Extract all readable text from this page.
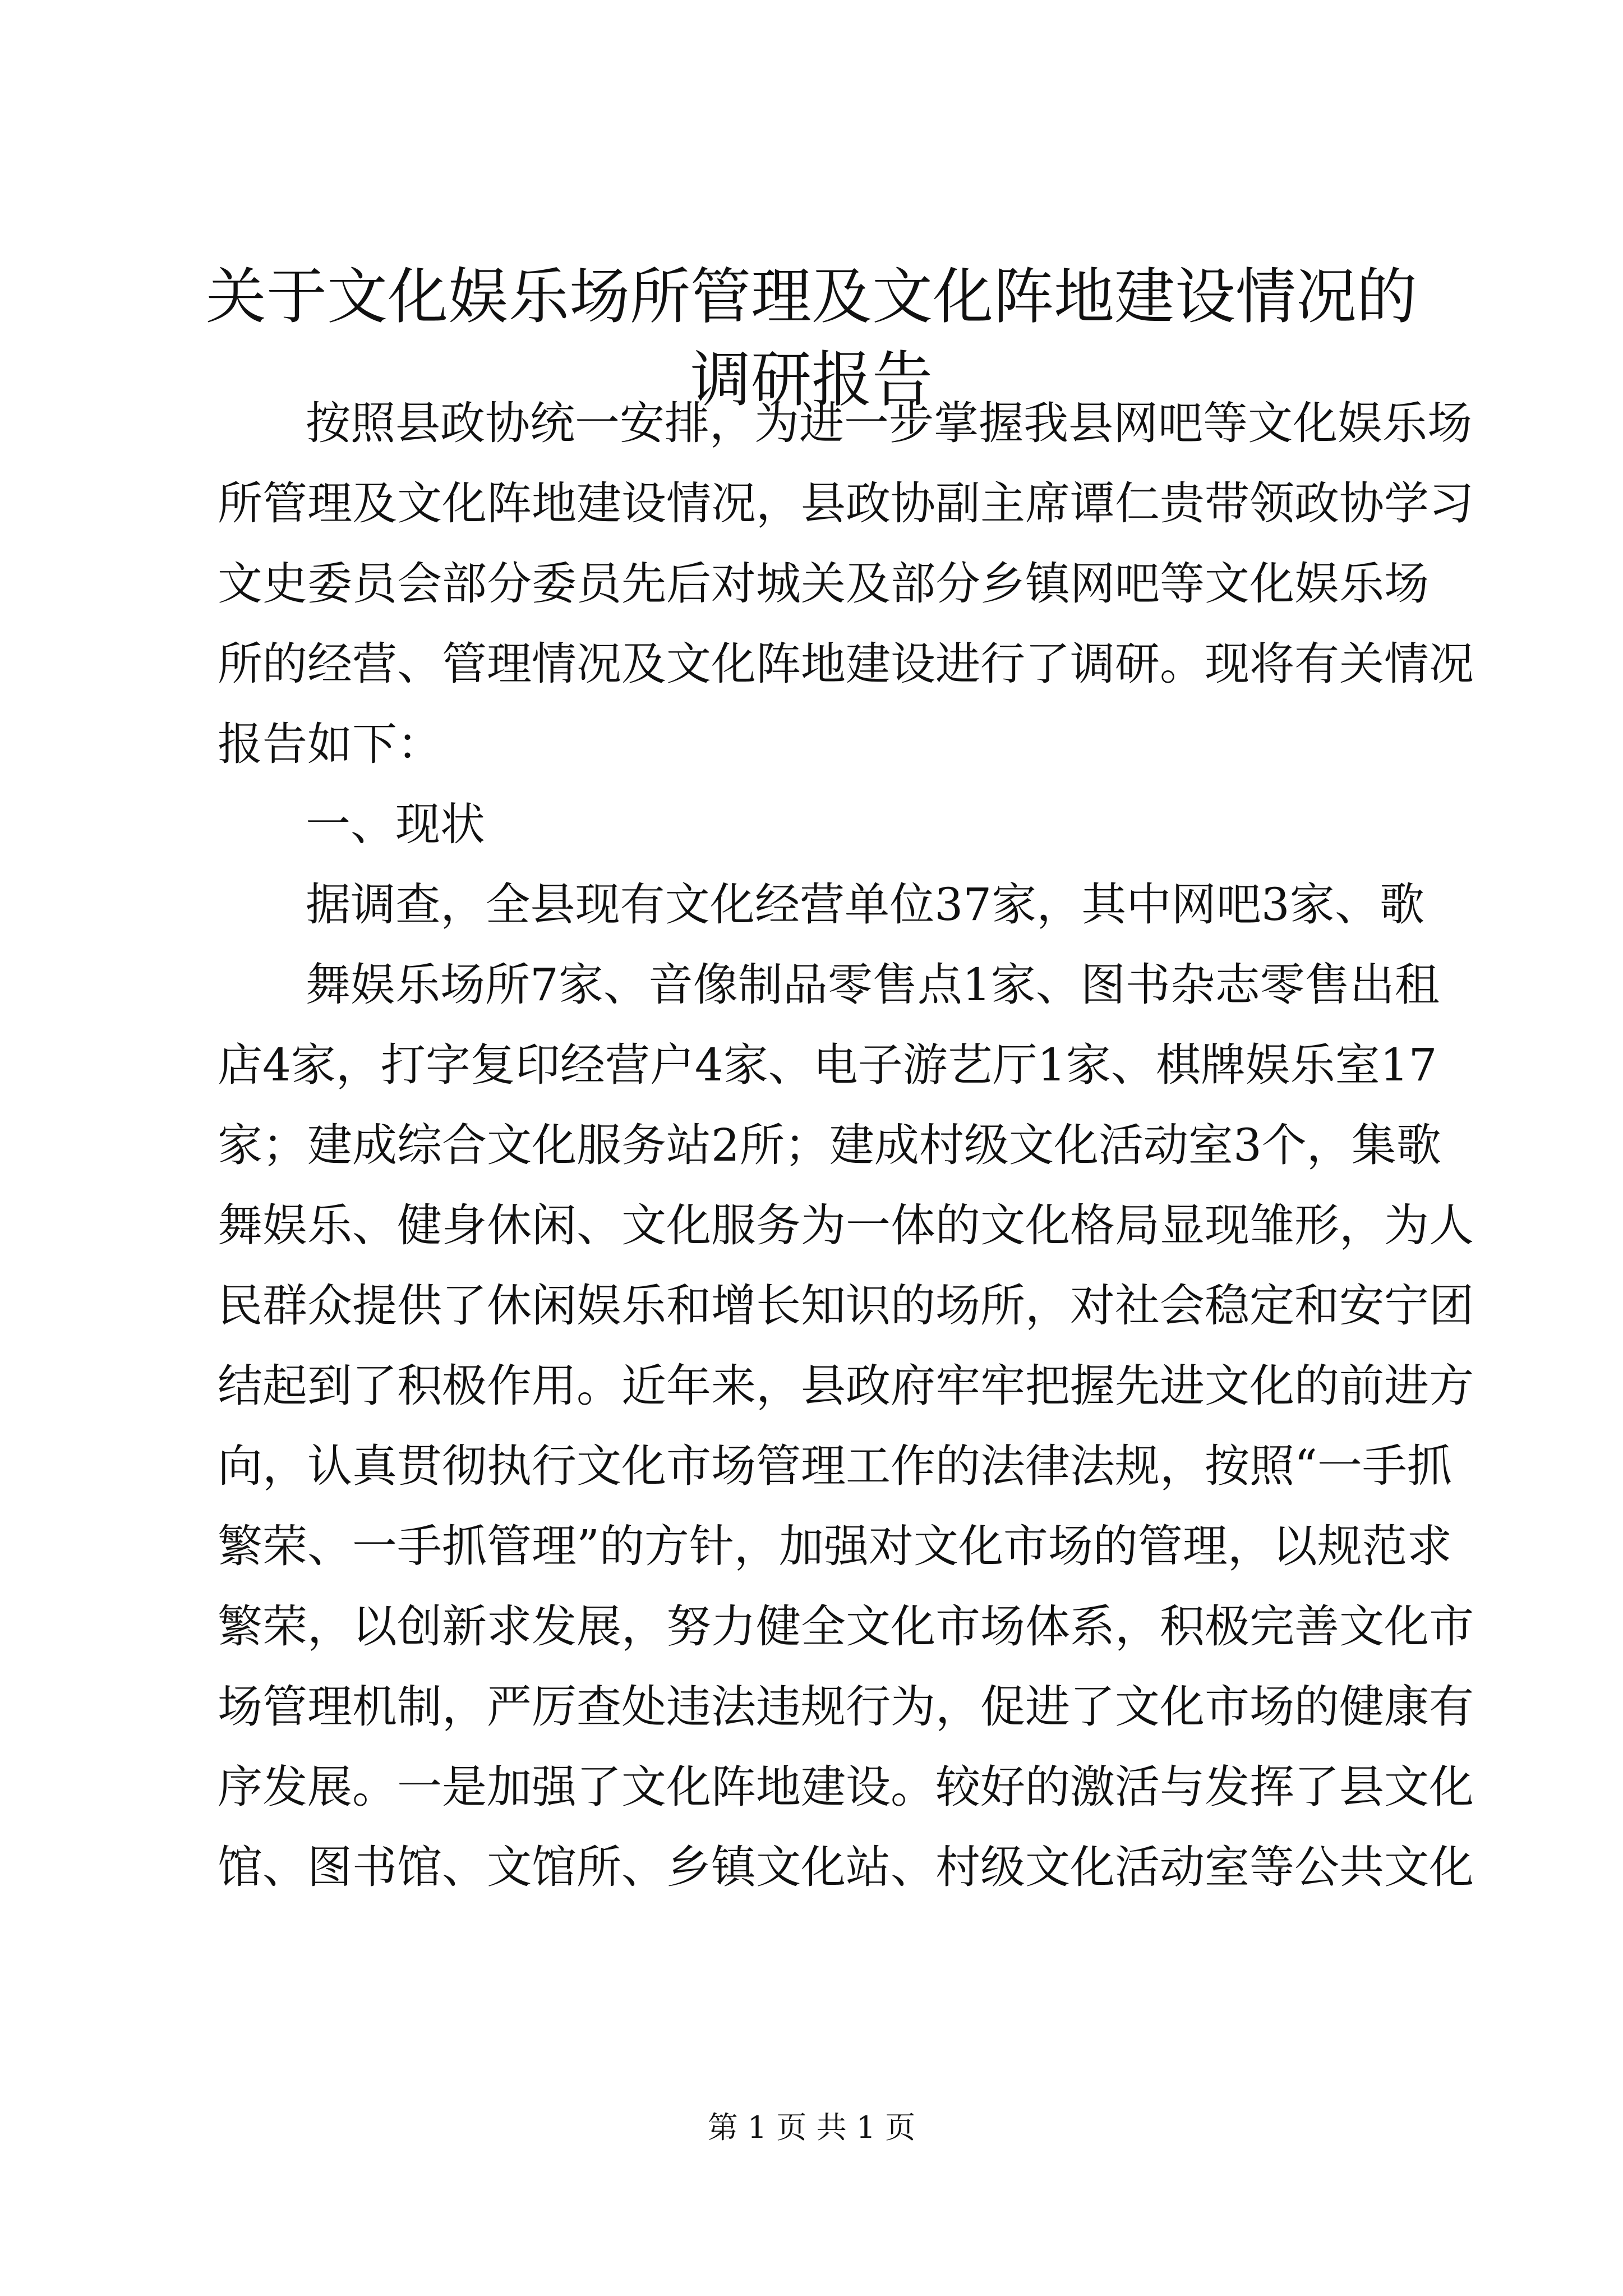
关于文化娱乐场所管理及文化阵地建设情况的
调研报告

按照县政协统一安排，为进一步掌握我县网吧等文化娱乐场

所管理及文化阵地建设情况，县政协副主席谭仁贵带领政协学习

文史委员会部分委员先后对城关及部分乡镇网吧等文化娱乐场

所的经营、管理情况及文化阵地建设进行了调研。现将有关情况

报告如下：

一、现状

据调查，全县现有文化经营单位37家，其中网吧3家、歌

舞娱乐场所7家、音像制品零售点1家、图书杂志零售出租

店4家，打字复印经营户4家、电子游艺厅1家、棋牌娱乐室17

家；建成综合文化服务站2所；建成村级文化活动室3个，集歌

舞娱乐、健身休闲、文化服务为一体的文化格局显现雏形，为人

民群众提供了休闲娱乐和增长知识的场所，对社会稳定和安宁团

结起到了积极作用。近年来，县政府牢牢把握先进文化的前进方

向，认真贯彻执行文化市场管理工作的法律法规，按照“一手抓

繁荣、一手抓管理”的方针，加强对文化市场的管理，以规范求

繁荣，以创新求发展，努力健全文化市场体系，积极完善文化市

场管理机制，严厉查处违法违规行为，促进了文化市场的健康有

序发展。一是加强了文化阵地建设。较好的激活与发挥了县文化

馆、图书馆、文馆所、乡镇文化站、村级文化活动室等公共文化

第 1 页 共 1 页
